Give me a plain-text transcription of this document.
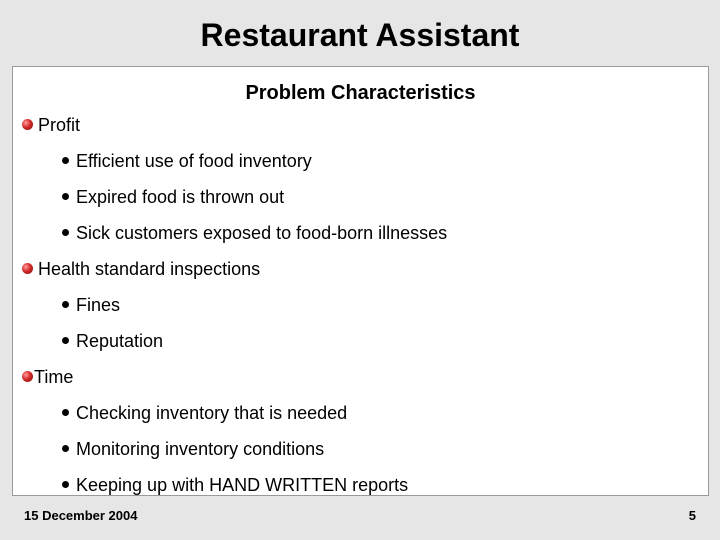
Restaurant Assistant
Problem Characteristics
Profit
Efficient use of food inventory
Expired food is thrown out
Sick customers exposed to food-born illnesses
Health standard inspections
Fines
Reputation
Time
Checking inventory that is needed
Monitoring inventory conditions
Keeping up with HAND WRITTEN reports
15 December 2004	5
